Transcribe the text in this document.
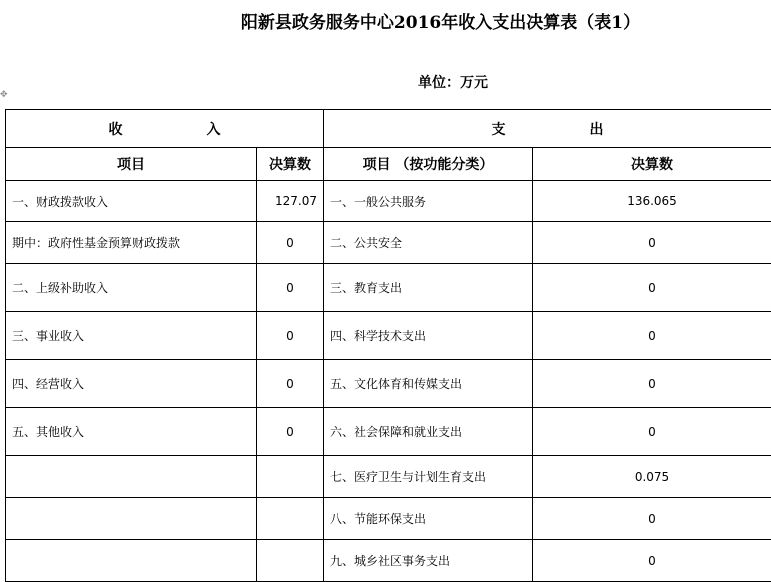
阳新县政务服务中心2016年收入支出决算表（表1）
单位：万元
✥
收　　　　　　入		支　　　　　　出	
项目	决算数	项目 （按功能分类）	决算数
一、财政拨款收入	127.07	一、一般公共服务	136.065
期中：政府性基金预算财政拨款	0	二、公共安全	0
二、上级补助收入	0	三、教育支出	0
三、事业收入	0	四、科学技术支出	0
四、经营收入	0	五、文化体育和传媒支出	0
五、其他收入	0	六、社会保障和就业支出	0
		七、医疗卫生与计划生育支出	0.075
		八、节能环保支出	0
		九、城乡社区事务支出	0
